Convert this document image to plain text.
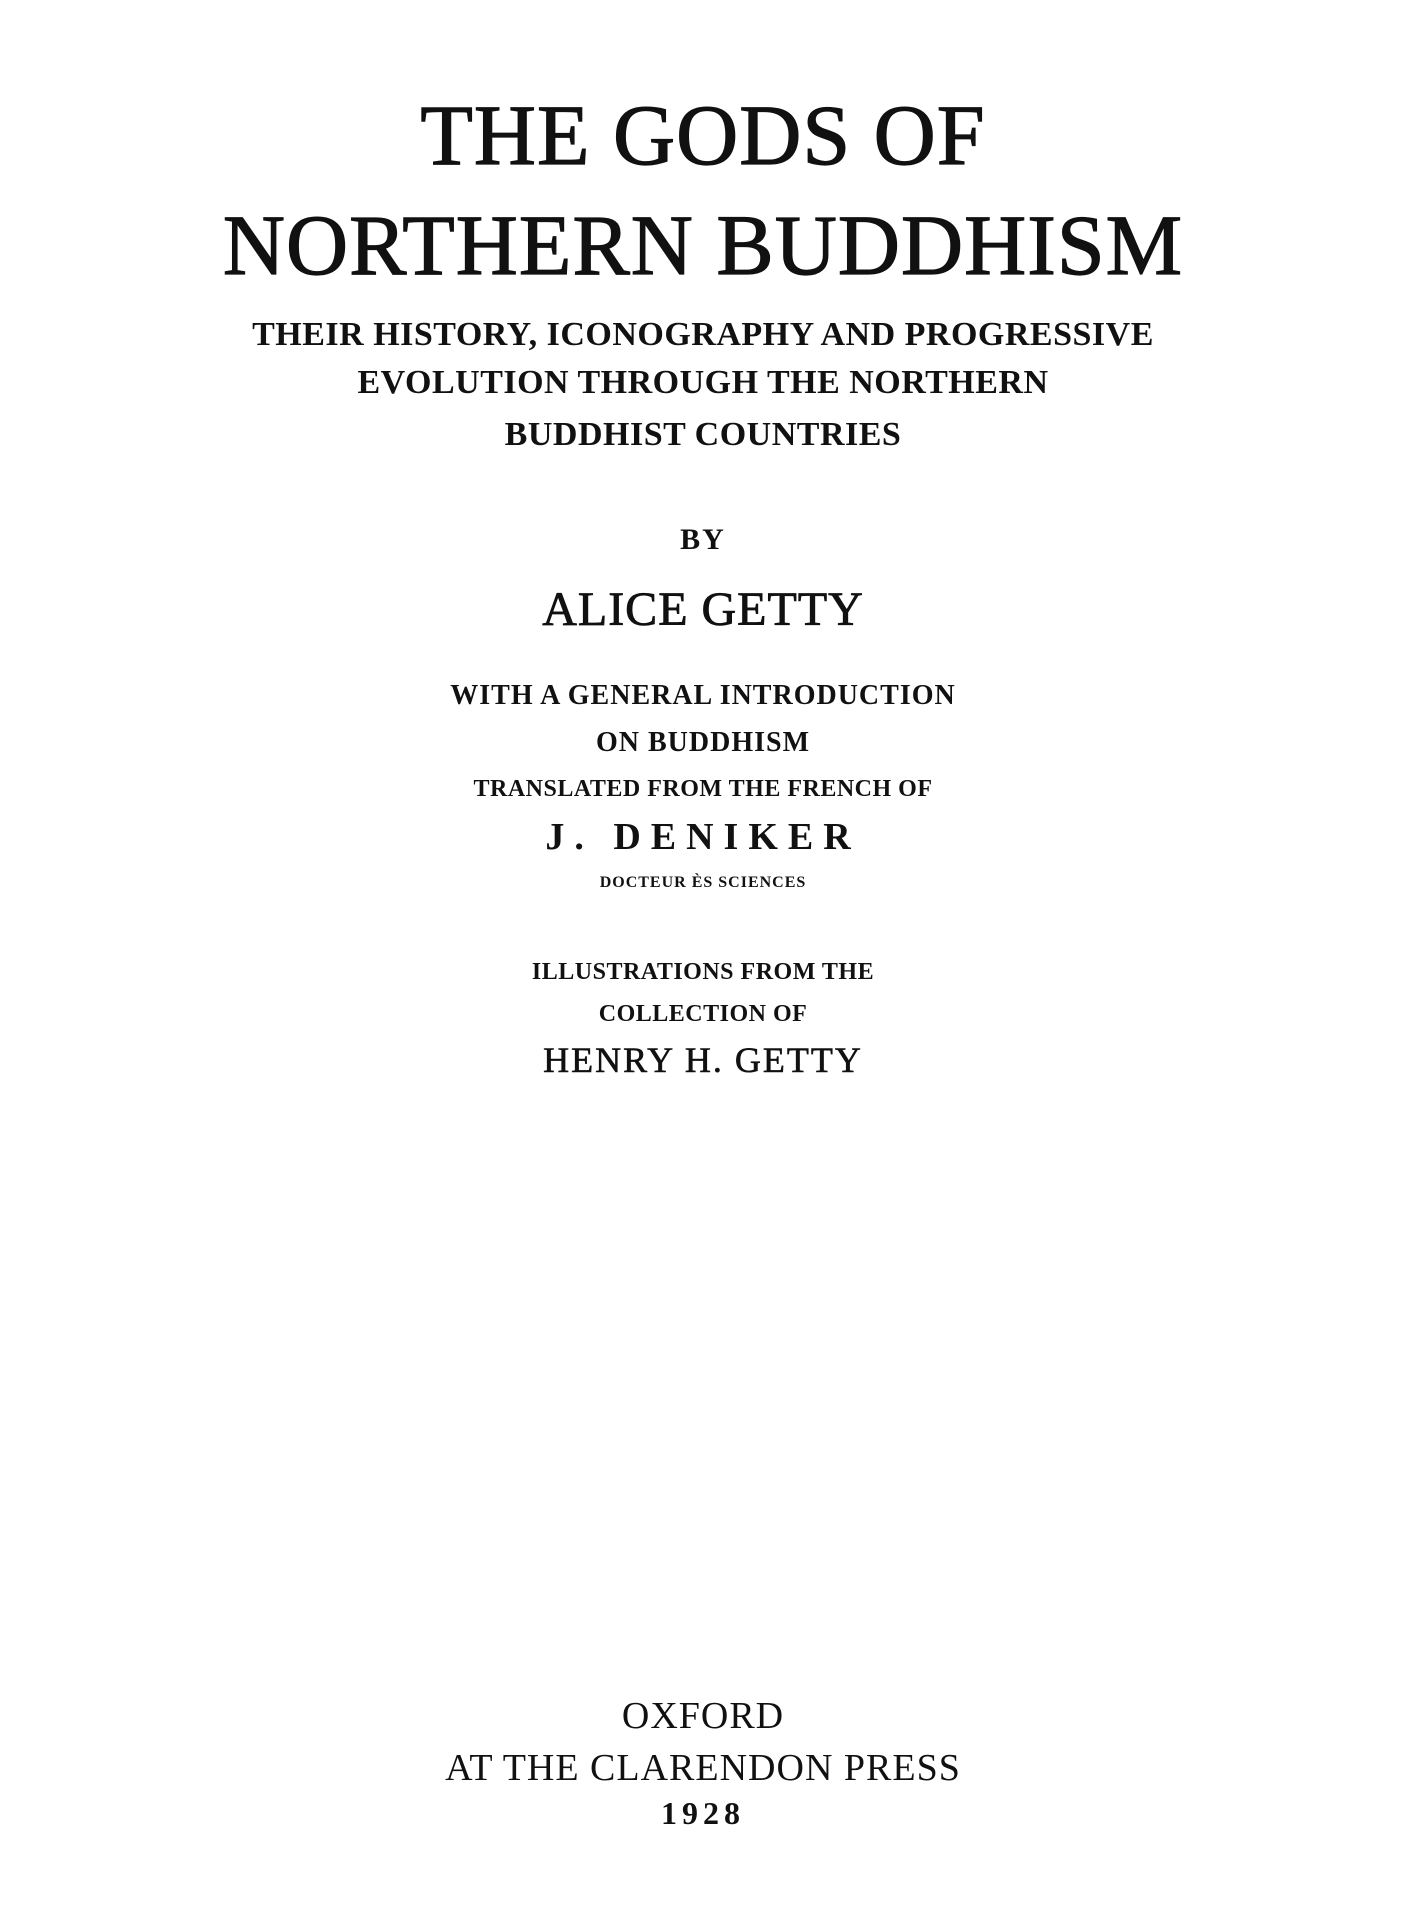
THE GODS OF
NORTHERN BUDDHISM
THEIR HISTORY, ICONOGRAPHY AND PROGRESSIVE
EVOLUTION THROUGH THE NORTHERN
BUDDHIST COUNTRIES
BY
ALICE GETTY
WITH A GENERAL INTRODUCTION
ON BUDDHISM
TRANSLATED FROM THE FRENCH OF
J. DENIKER
DOCTEUR ÈS SCIENCES
ILLUSTRATIONS FROM THE
COLLECTION OF
HENRY H. GETTY
OXFORD
AT THE CLARENDON PRESS
1928
